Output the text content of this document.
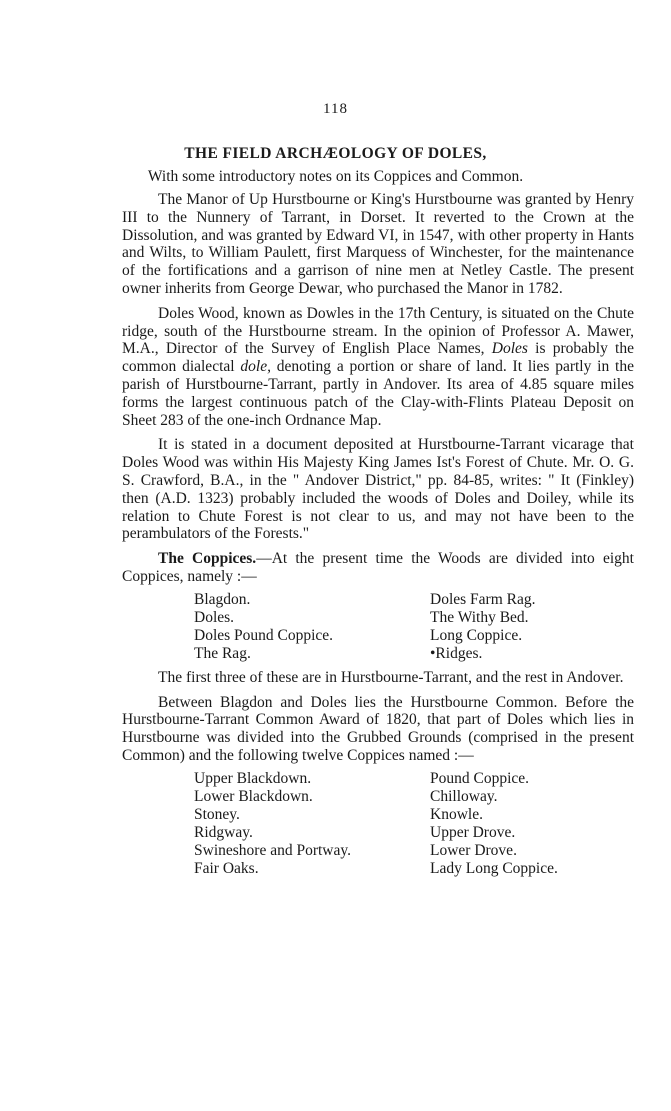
118
THE FIELD ARCHÆOLOGY OF DOLES,
With some introductory notes on its Coppices and Common.

The Manor of Up Hurstbourne or King's Hurstbourne was granted by Henry III to the Nunnery of Tarrant, in Dorset. It reverted to the Crown at the Dissolution, and was granted by Edward VI, in 1547, with other property in Hants and Wilts, to William Paulett, first Marquess of Winchester, for the maintenance of the fortifications and a garrison of nine men at Netley Castle. The present owner inherits from George Dewar, who purchased the Manor in 1782.

Doles Wood, known as Dowles in the 17th Century, is situated on the Chute ridge, south of the Hurstbourne stream. In the opinion of Professor A. Mawer, M.A., Director of the Survey of English Place Names, Doles is probably the common dialectal dole, denoting a portion or share of land. It lies partly in the parish of Hurstbourne-Tarrant, partly in Andover. Its area of 4.85 square miles forms the largest continuous patch of the Clay-with-Flints Plateau Deposit on Sheet 283 of the one-inch Ordnance Map.

It is stated in a document deposited at Hurstbourne-Tarrant vicarage that Doles Wood was within His Majesty King James Ist's Forest of Chute. Mr. O. G. S. Crawford, B.A., in the " Andover District," pp. 84-85, writes: " It (Finkley) then (A.D. 1323) probably included the woods of Doles and Doiley, while its relation to Chute Forest is not clear to us, and may not have been to the perambulators of the Forests."

The Coppices.—At the present time the Woods are divided into eight Coppices, namely :—

Blagdon.	Doles Farm Rag.
Doles.	The Withy Bed.
Doles Pound Coppice.	Long Coppice.
The Rag.	•Ridges.

The first three of these are in Hurstbourne-Tarrant, and the rest in Andover.

Between Blagdon and Doles lies the Hurstbourne Common. Before the Hurstbourne-Tarrant Common Award of 1820, that part of Doles which lies in Hurstbourne was divided into the Grubbed Grounds (comprised in the present Common) and the following twelve Coppices named :—

Upper Blackdown.	Pound Coppice.
Lower Blackdown.	Chilloway.
Stoney.	Knowle.
Ridgway.	Upper Drove.
Swineshore and Portway.	Lower Drove.
Fair Oaks.	Lady Long Coppice.
